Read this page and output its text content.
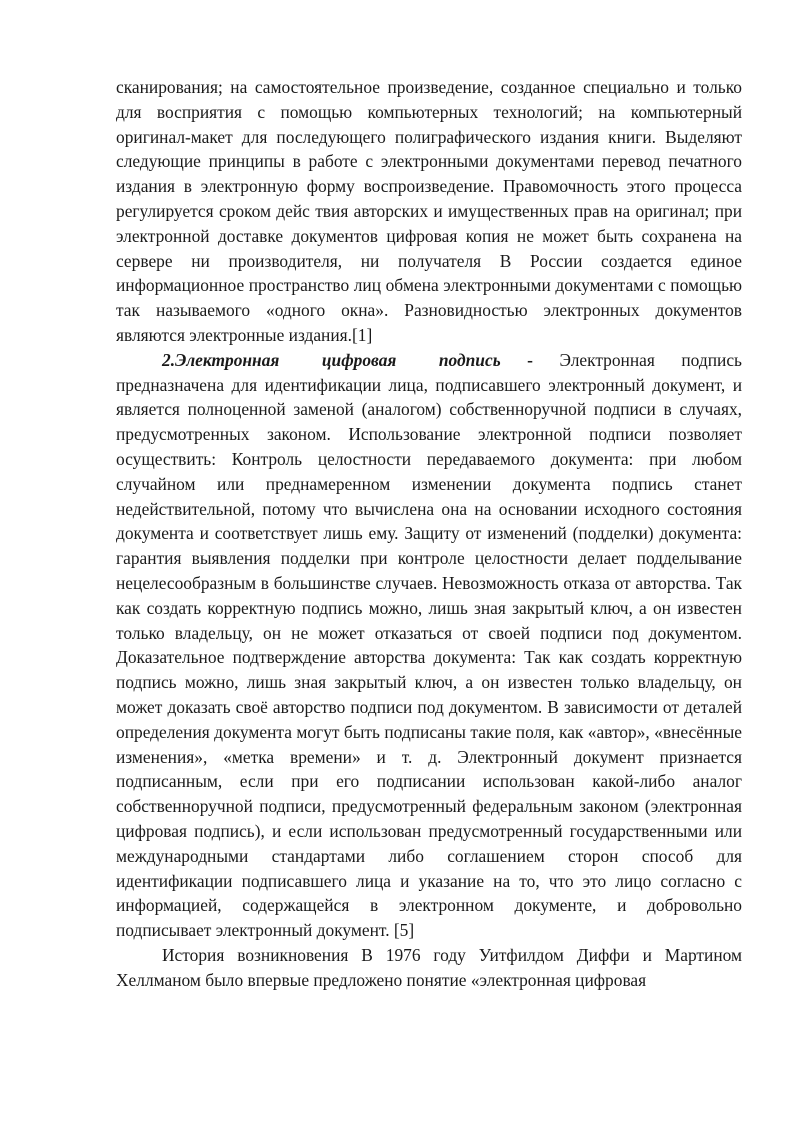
сканирования; на самостоятельное произведение, созданное специально и только для восприятия с помощью компьютерных технологий; на компьютерный оригинал-макет для последующего полиграфического издания книги. Выделяют следующие принципы в работе с электронными документами перевод печатного издания в электронную форму воспроизведение. Правомочность этого процесса регулируется сроком дейс твия авторских и имущественных прав на оригинал; при электронной доставке документов цифровая копия не может быть сохранена на сервере ни производителя, ни получателя В России создается единое информационное пространство лиц обмена электронными документами с помощью так называемого «одного окна». Разновидностью электронных документов являются электронные издания.[1]

2.Электронная цифровая подпись - Электронная подпись предназначена для идентификации лица, подписавшего электронный документ, и является полноценной заменой (аналогом) собственноручной подписи в случаях, предусмотренных законом. Использование электронной подписи позволяет осуществить: Контроль целостности передаваемого документа: при любом случайном или преднамеренном изменении документа подпись станет недействительной, потому что вычислена она на основании исходного состояния документа и соответствует лишь ему. Защиту от изменений (подделки) документа: гарантия выявления подделки при контроле целостности делает подделывание нецелесообразным в большинстве случаев. Невозможность отказа от авторства. Так как создать корректную подпись можно, лишь зная закрытый ключ, а он известен только владельцу, он не может отказаться от своей подписи под документом. Доказательное подтверждение авторства документа: Так как создать корректную подпись можно, лишь зная закрытый ключ, а он известен только владельцу, он может доказать своё авторство подписи под документом. В зависимости от деталей определения документа могут быть подписаны такие поля, как «автор», «внесённые изменения», «метка времени» и т. д. Электронный документ признается подписанным, если при его подписании использован какой-либо аналог собственноручной подписи, предусмотренный федеральным законом (электронная цифровая подпись), и если использован предусмотренный государственными или международными стандартами либо соглашением сторон способ для идентификации подписавшего лица и указание на то, что это лицо согласно с информацией, содержащейся в электронном документе, и добровольно подписывает электронный документ. [5]

История возникновения В 1976 году Уитфилдом Диффи и Мартином Хеллманом было впервые предложено понятие «электронная цифровая
